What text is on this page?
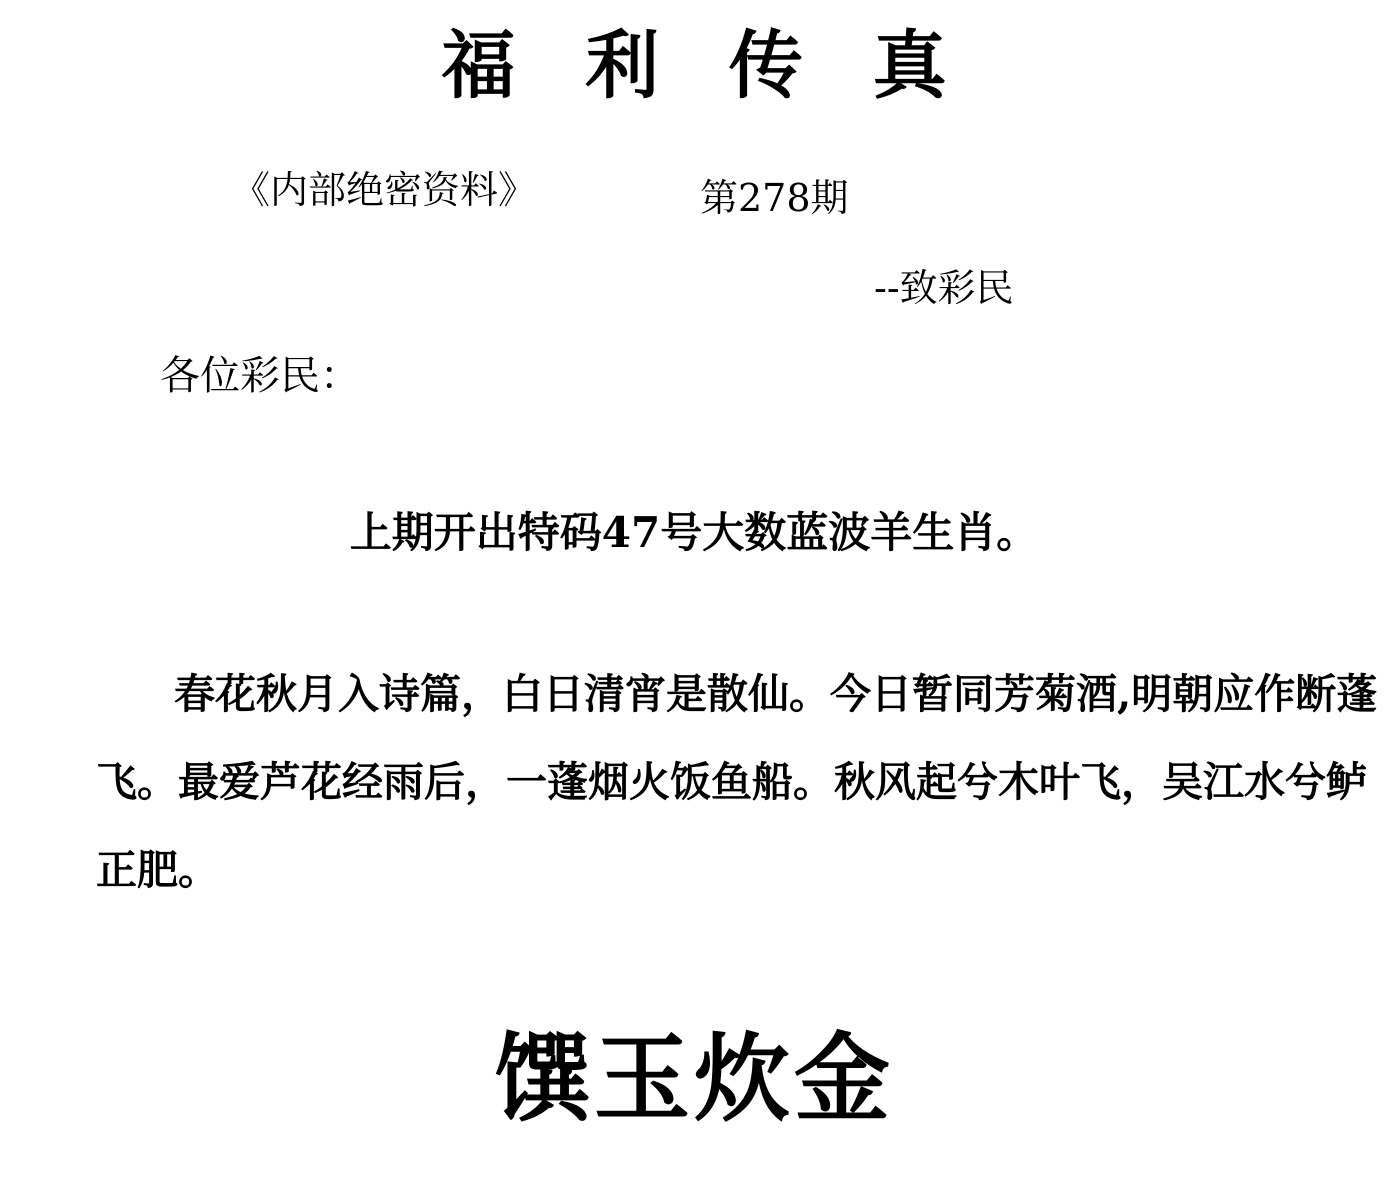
福 利 传 真
《内部绝密资料》	第278期
--致彩民
各位彩民：
上期开出特码47号大数蓝波羊生肖。
春花秋月入诗篇，白日清宵是散仙。今日暂同芳菊酒,明朝应作断蓬飞。最爱芦花经雨后，一蓬烟火饭鱼船。秋风起兮木叶飞，吴江水兮鲈正肥。
馔玉炊金
